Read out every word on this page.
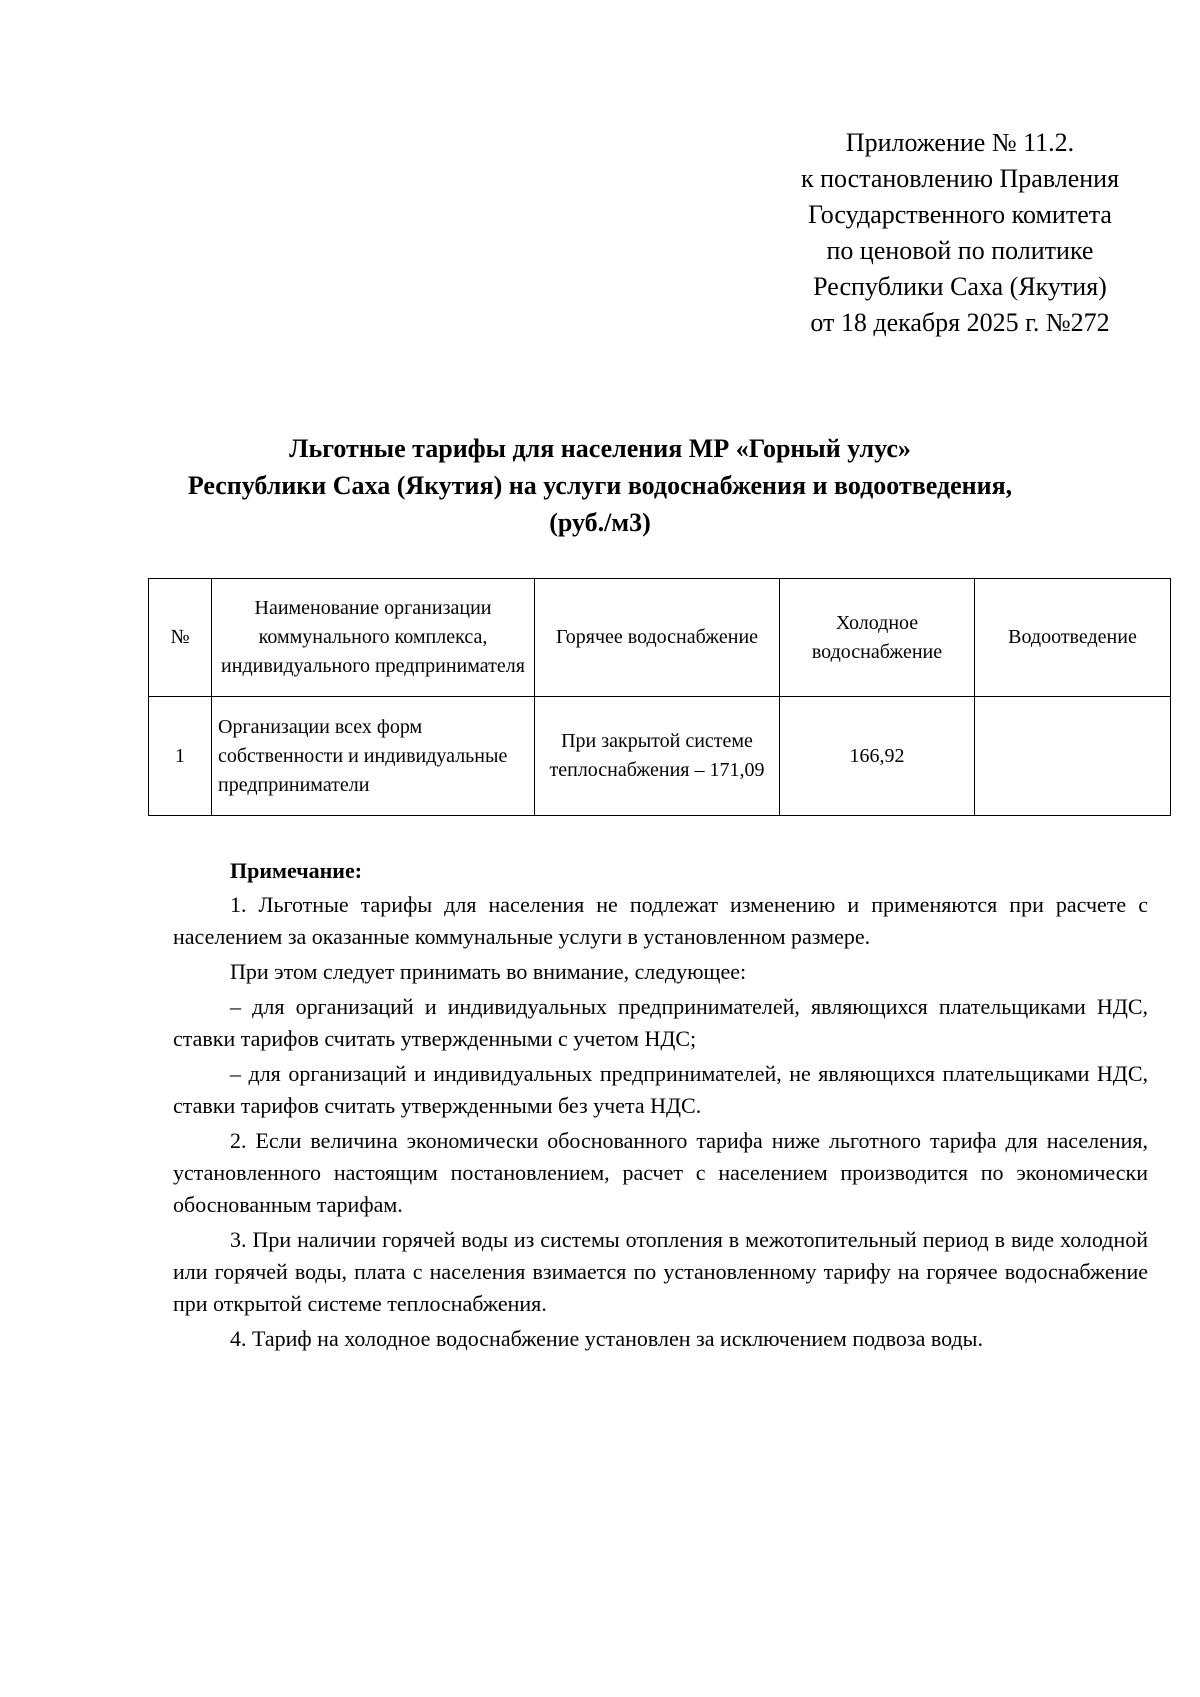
Приложение № 11.2.
к постановлению Правления
Государственного комитета
по ценовой по политике
Республики Саха (Якутия)
от 18 декабря 2025 г. №272
Льготные тарифы для населения МР «Горный улус»
Республики Саха (Якутия) на услуги водоснабжения и водоотведения,
(руб./м3)
№	Наименование организации коммунального комплекса, индивидуального предпринимателя	Горячее водоснабжение	Холодное водоснабжение	Водоотведение
1	Организации всех форм собственности и индивидуальные предприниматели	При закрытой системе теплоснабжения – 171,09	166,92	
Примечание:

1. Льготные тарифы для населения не подлежат изменению и применяются при расчете с населением за оказанные коммунальные услуги в установленном размере.

При этом следует принимать во внимание, следующее:

– для организаций и индивидуальных предпринимателей, являющихся плательщиками НДС, ставки тарифов считать утвержденными с учетом НДС;

– для организаций и индивидуальных предпринимателей, не являющихся плательщиками НДС, ставки тарифов считать утвержденными без учета НДС.

2. Если величина экономически обоснованного тарифа ниже льготного тарифа для населения, установленного настоящим постановлением, расчет с населением производится по экономически обоснованным тарифам.

3. При наличии горячей воды из системы отопления в межотопительный период в виде холодной или горячей воды, плата с населения взимается по установленному тарифу на горячее водоснабжение при открытой системе теплоснабжения.

4. Тариф на холодное водоснабжение установлен за исключением подвоза воды.
